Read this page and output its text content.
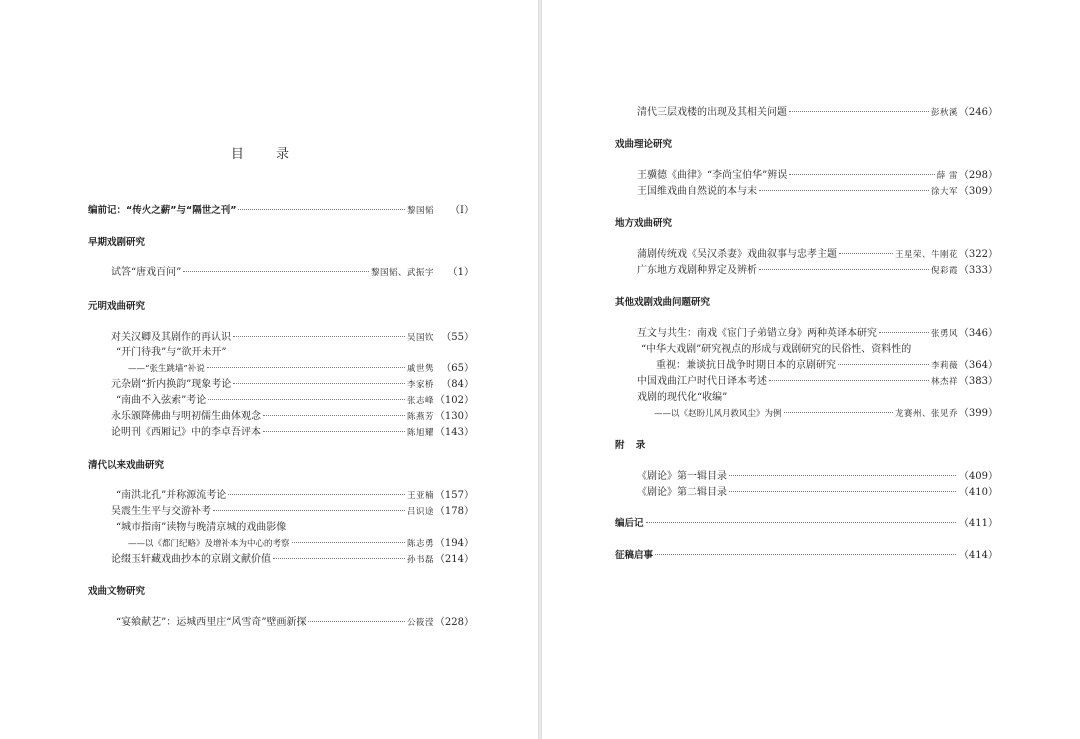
目 录
编前记：“传火之薪”与“隔世之刊”	黎国韬	（Ⅰ）
早期戏剧研究
试答“唐戏百问”	黎国韬、武振宇	（1）
元明戏曲研究
对关汉卿及其剧作的再认识	吴国钦 （55）
“开门待我”与“欲开未开”
——“张生跳墙”补说	戚世隽 （65）
元杂剧“折内换韵”现象考论	李家桥 （84）
“南曲不入弦索”考论	张志峰 （102）
永乐颁降佛曲与明初儒生曲体观念	陈燕芳 （130）
论明刊《西厢记》中的李卓吾评本	陈旭耀 （143）
清代以来戏曲研究
“南洪北孔”并称源流考论	王亚楠 （157）
吴震生生平与交游补考	吕识途 （178）
“城市指南”读物与晚清京城的戏曲影像
——以《都门纪略》及增补本为中心的考察	陈志勇 （194）
论缀玉轩藏戏曲抄本的京剧文献价值	孙书磊 （214）
戏曲文物研究
“宴飨献艺”：运城西里庄“风雪奇”壁画新探	公筱滢 （228）
清代三层戏楼的出现及其相关问题	彭秋溪 （246）
戏曲理论研究
王骥德《曲律》“李尚宝伯华”辨误	薛 雷 （298）
王国维戏曲自然说的本与末	徐大军 （309）
地方戏曲研究
蒲剧传统戏《吴汉杀妻》戏曲叙事与忠孝主题	王星荣、牛刚花 （322）
广东地方戏剧种界定及辨析	倪彩霞 （333）
其他戏剧戏曲问题研究
互文与共生：南戏《宦门子弟错立身》两种英译本研究	张勇风 （346）
“中华大戏剧”研究视点的形成与戏剧研究的民俗性、资料性的
重视：兼谈抗日战争时期日本的京剧研究	李莉薇 （364）
中国戏曲江户时代日译本考述	林杰祥 （383）
戏剧的现代化“收编”
——以《赵盼儿风月救风尘》为例	龙赛州、张见乔 （399）
附 录
《剧论》第一辑目录	（409）
《剧论》第二辑目录	（410）
编后记	（411）
征稿启事	（414）
